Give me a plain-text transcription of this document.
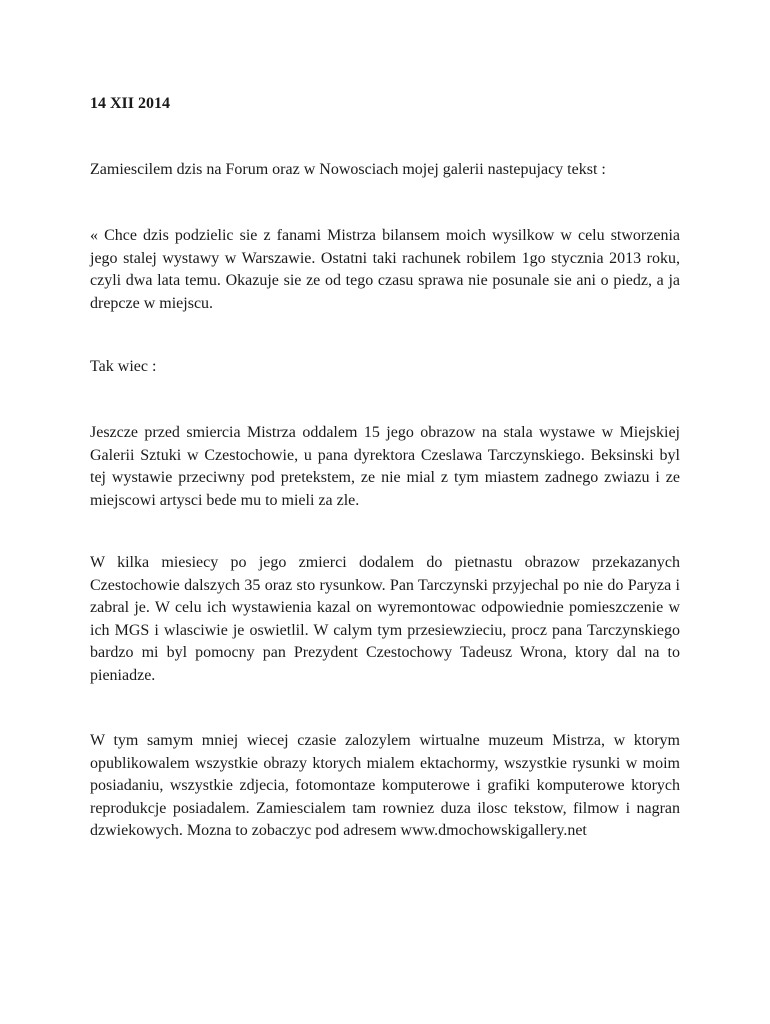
14 XII 2014

Zamiescilem dzis na Forum oraz w Nowosciach mojej galerii nastepujacy tekst :

« Chce dzis podzielic sie z fanami Mistrza bilansem moich wysilkow w celu stworzenia jego stalej wystawy w Warszawie. Ostatni taki rachunek robilem 1go stycznia 2013 roku, czyli dwa lata temu. Okazuje sie ze od tego czasu sprawa nie posunale sie ani o piedz, a ja drepcze w miejscu.

Tak wiec :

Jeszcze przed smiercia Mistrza oddalem 15 jego obrazow na stala wystawe w Miejskiej Galerii Sztuki w Czestochowie, u pana dyrektora Czeslawa Tarczynskiego. Beksinski byl tej wystawie przeciwny pod pretekstem, ze nie mial z tym miastem zadnego zwiazu i ze miejscowi artysci bede mu to mieli za zle.

W kilka miesiecy po jego zmierci dodalem do pietnastu obrazow przekazanych Czestochowie dalszych 35 oraz sto rysunkow. Pan Tarczynski przyjechal po nie do Paryza i zabral je. W celu ich wystawienia kazal on wyremontowac odpowiednie pomieszczenie w ich MGS i wlasciwie je oswietlil. W calym tym przesiewzieciu, procz pana Tarczynskiego bardzo mi byl pomocny pan Prezydent Czestochowy Tadeusz Wrona, ktory dal na to pieniadze.

W tym samym mniej wiecej czasie zalozylem wirtualne muzeum Mistrza, w ktorym opublikowalem wszystkie obrazy ktorych mialem ektachormy, wszystkie rysunki w moim posiadaniu, wszystkie zdjecia, fotomontaze komputerowe i grafiki komputerowe ktorych reprodukcje posiadalem. Zamiescialem tam rowniez duza ilosc tekstow, filmow i nagran dzwiekowych. Mozna to zobaczyc pod adresem www.dmochowskigallery.net
